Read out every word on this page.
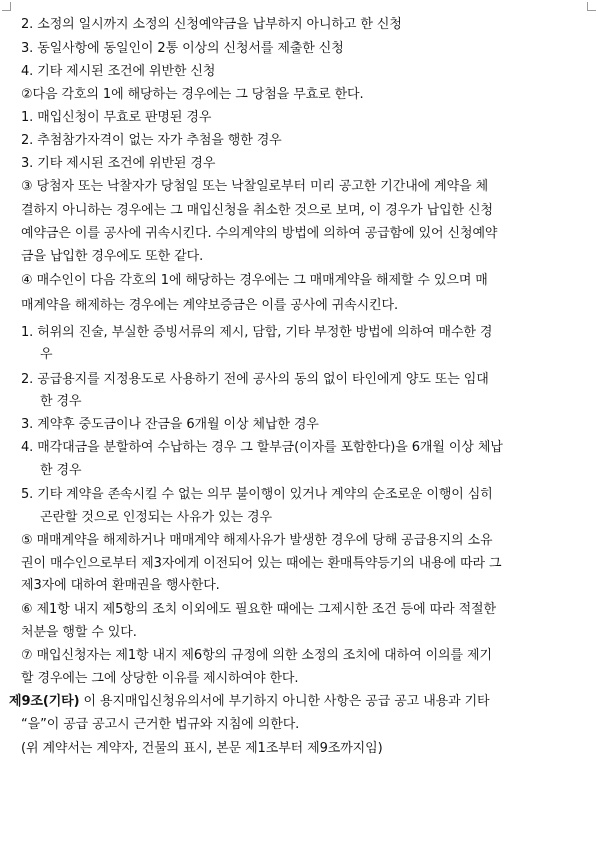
2. 소정의 일시까지 소정의 신청예약금을 납부하지 아니하고 한 신청
3. 동일사항에 동일인이 2통 이상의 신청서를 제출한 신청
4. 기타 제시된 조건에 위반한 신청
②다음 각호의 1에 해당하는 경우에는 그 당첨을 무효로 한다.
1. 매입신청이 무효로 판명된 경우
2. 추첨참가자격이 없는 자가 추첨을 행한 경우
3. 기타 제시된 조건에 위반된 경우
③ 당첨자 또는 낙찰자가 당첨일 또는 낙찰일로부터 미리 공고한 기간내에 계약을 체
결하지 아니하는 경우에는 그 매입신청을 취소한 것으로 보며, 이 경우가 납입한 신청
예약금은 이를 공사에 귀속시킨다. 수의계약의 방법에 의하여 공급함에 있어 신청예약
금을 납입한 경우에도 또한 같다.
④ 매수인이 다음 각호의 1에 해당하는 경우에는 그 매매계약을 해제할 수 있으며 매
매계약을 해제하는 경우에는 계약보증금은 이를 공사에 귀속시킨다.
1. 허위의 진술, 부실한 증빙서류의 제시, 담합, 기타 부정한 방법에 의하여 매수한 경
우
2. 공급용지를 지정용도로 사용하기 전에 공사의 동의 없이 타인에게 양도 또는 임대
한 경우
3. 계약후 중도금이나 잔금을 6개월 이상 체납한 경우
4. 매각대금을 분할하여 수납하는 경우 그 할부금(이자를 포함한다)을 6개월 이상 체납
한 경우
5. 기타 계약을 존속시킬 수 없는 의무 불이행이 있거나 계약의 순조로운 이행이 심히
곤란할 것으로 인정되는 사유가 있는 경우
⑤ 매매계약을 해제하거나 매매계약 해제사유가 발생한 경우에 당해 공급용지의 소유
권이 매수인으로부터 제3자에게 이전되어 있는 때에는 환매특약등기의 내용에 따라 그
제3자에 대하여 환매권을 행사한다.
⑥ 제1항 내지 제5항의 조치 이외에도 필요한 때에는 그제시한 조건 등에 따라 적절한
처분을 행할 수 있다.
⑦ 매입신청자는 제1항 내지 제6항의 규정에 의한 소정의 조치에 대하여 이의를 제기
할 경우에는 그에 상당한 이유를 제시하여야 한다.
제9조(기타) 이 용지매입신청유의서에 부기하지 아니한 사항은 공급 공고 내용과 기타
“을”이 공급 공고시 근거한 법규와 지침에 의한다.
(위 계약서는 계약자, 건물의 표시, 본문 제1조부터 제9조까지임)
